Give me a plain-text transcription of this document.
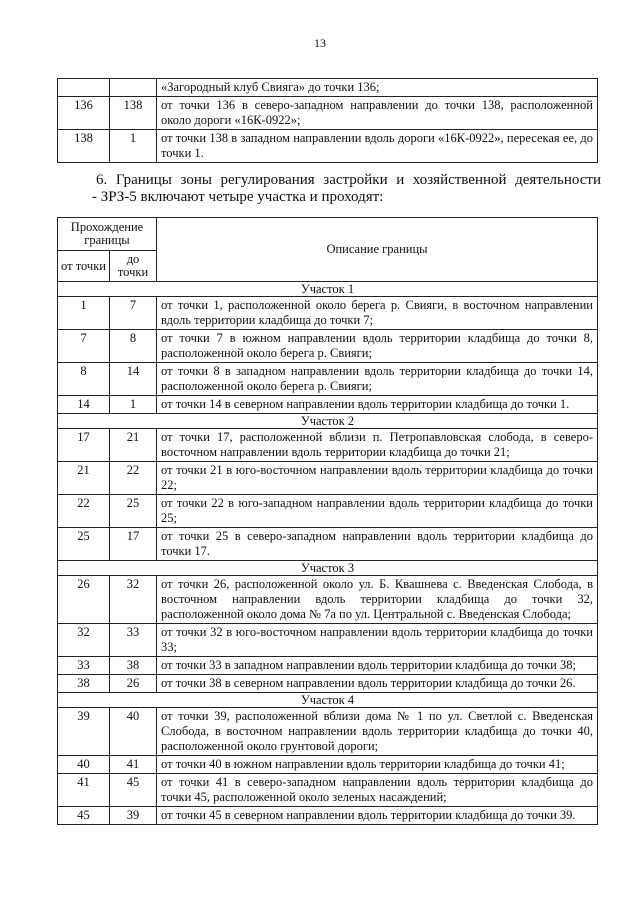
13
		«Загородный клуб Свияга» до точки 136;
136	138	от точки 136 в северо-западном направлении до точки 138, расположенной около дороги «16К-0922»;
138	1	от точки 138 в западном направлении вдоль дороги «16К-0922», пересекая ее, до точки 1.
6. Границы зоны регулирования застройки и хозяйственной деятельности
- ЗРЗ-5 включают четыре участка и проходят:
Прохождение границы		Описание границы
от точки	до точки	
Участок 1		
1	7	от точки 1, расположенной около берега р. Свияги, в восточном направлении вдоль территории кладбища до точки 7;
7	8	от точки 7 в южном направлении вдоль территории кладбища до точки 8, расположенной около берега р. Свияги;
8	14	от точки 8 в западном направлении вдоль территории кладбища до точки 14, расположенной около берега р. Свияги;
14	1	от точки 14 в северном направлении вдоль территории кладбища до точки 1.
Участок 2		
17	21	от точки 17, расположенной вблизи п. Петропавловская слобода, в северо-восточном направлении вдоль территории кладбища до точки 21;
21	22	от точки 21 в юго-восточном направлении вдоль территории кладбища до точки 22;
22	25	от точки 22 в юго-западном направлении вдоль территории кладбища до точки 25;
25	17	от точки 25 в северо-западном направлении вдоль территории кладбища до точки 17.
Участок 3		
26	32	от точки 26, расположенной около ул. Б. Квашнева с. Введенская Слобода, в восточном направлении вдоль территории кладбища до точки 32, расположенной около дома № 7а по ул. Центральной с. Введенская Слобода;
32	33	от точки 32 в юго-восточном направлении вдоль территории кладбища до точки 33;
33	38	от точки 33 в западном направлении вдоль территории кладбища до точки 38;
38	26	от точки 38 в северном направлении вдоль территории кладбища до точки 26.
Участок 4		
39	40	от точки 39, расположенной вблизи дома № 1 по ул. Светлой с. Введенская Слобода, в восточном направлении вдоль территории кладбища до точки 40, расположенной около грунтовой дороги;
40	41	от точки 40 в южном направлении вдоль территории кладбища до точки 41;
41	45	от точки 41 в северо-западном направлении вдоль территории кладбища до точки 45, расположенной около зеленых насаждений;
45	39	от точки 45 в северном направлении вдоль территории кладбища до точки 39.
